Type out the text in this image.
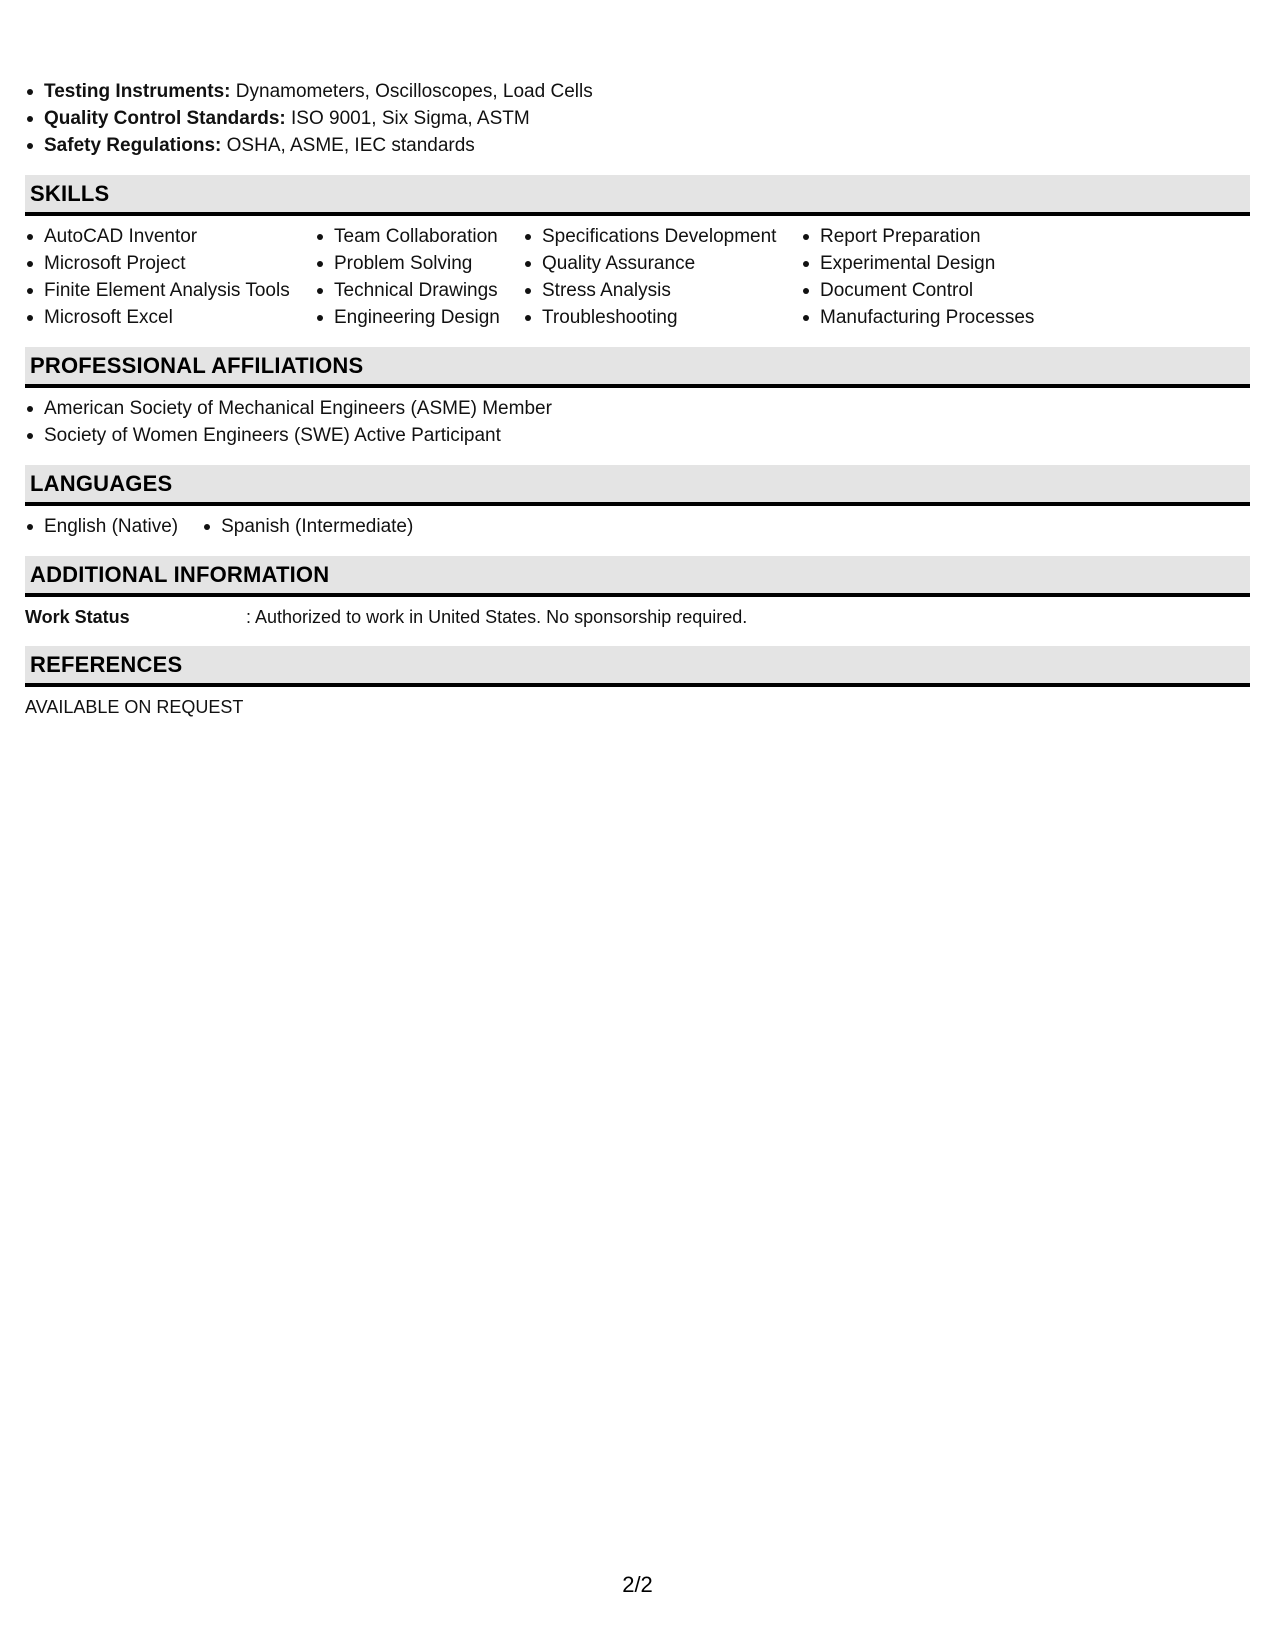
Testing Instruments: Dynamometers, Oscilloscopes, Load Cells
Quality Control Standards: ISO 9001, Six Sigma, ASTM
Safety Regulations: OSHA, ASME, IEC standards
SKILLS
AutoCAD Inventor
Microsoft Project
Finite Element Analysis Tools
Microsoft Excel
Team Collaboration
Problem Solving
Technical Drawings
Engineering Design
Specifications Development
Quality Assurance
Stress Analysis
Troubleshooting
Report Preparation
Experimental Design
Document Control
Manufacturing Processes
PROFESSIONAL AFFILIATIONS
American Society of Mechanical Engineers (ASME) Member
Society of Women Engineers (SWE) Active Participant
LANGUAGES
English (Native)	Spanish (Intermediate)
ADDITIONAL INFORMATION
Work Status	: Authorized to work in United States. No sponsorship required.
REFERENCES
AVAILABLE ON REQUEST
2/2
